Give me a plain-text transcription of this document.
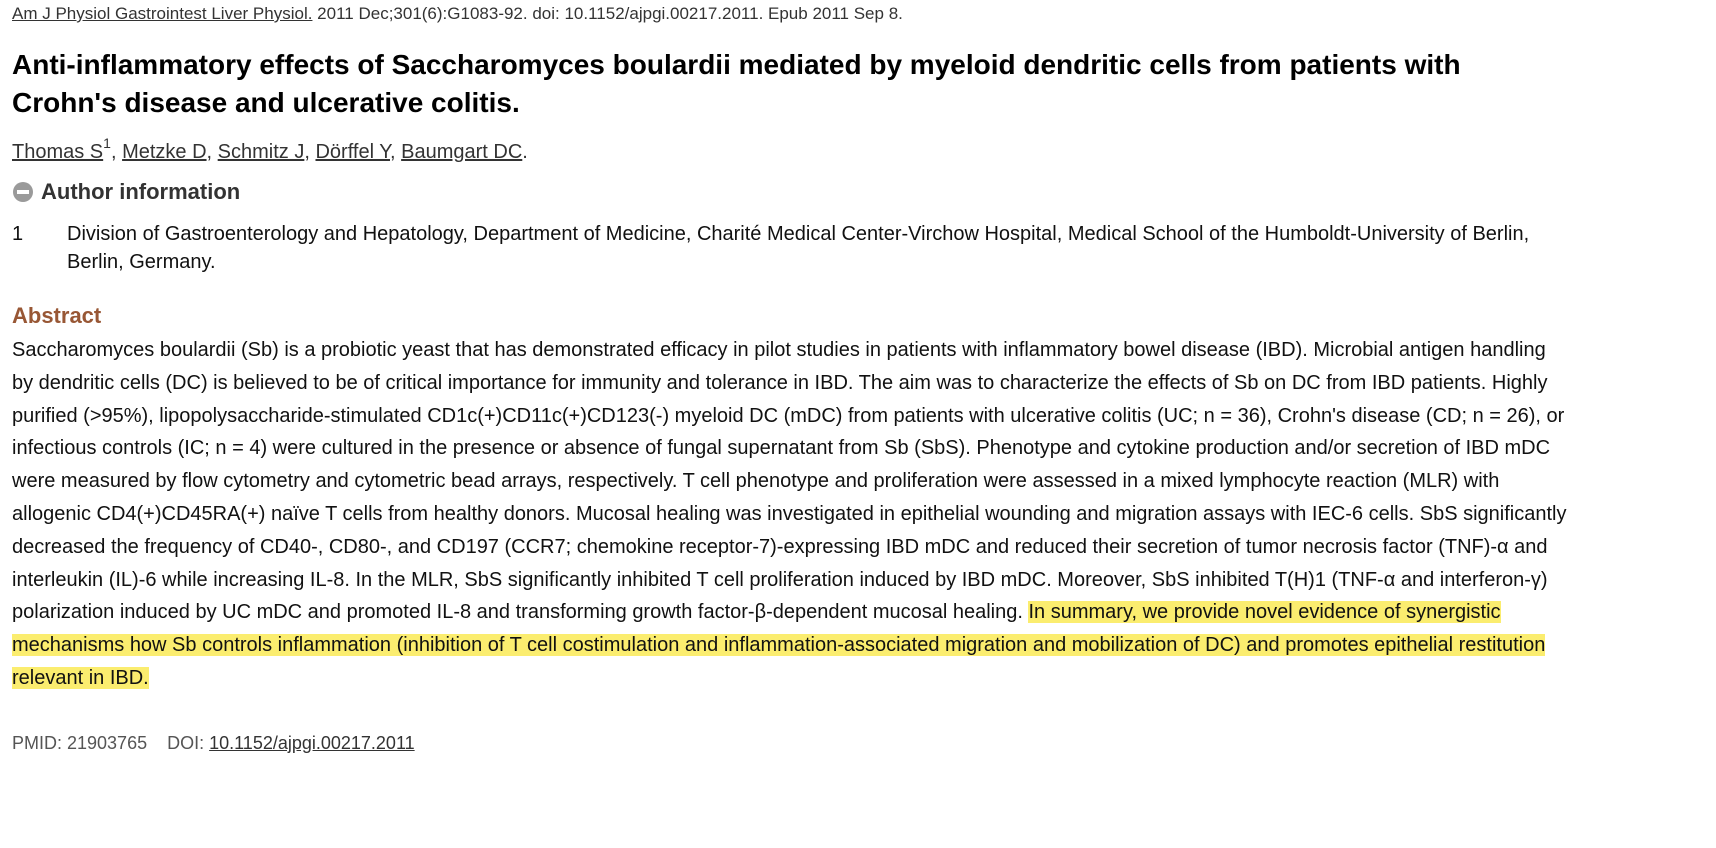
Am J Physiol Gastrointest Liver Physiol. 2011 Dec;301(6):G1083-92. doi: 10.1152/ajpgi.00217.2011. Epub 2011 Sep 8.
Anti-inflammatory effects of Saccharomyces boulardii mediated by myeloid dendritic cells from patients with Crohn's disease and ulcerative colitis.
Thomas $S^1$, Metzke D, Schmitz J, Dörffel Y, Baumgart DC.
Author information
1	Division of Gastroenterology and Hepatology, Department of Medicine, Charité Medical Center-Virchow Hospital, Medical School of the Humboldt-University of Berlin, Berlin, Germany.
Abstract
Saccharomyces boulardii (Sb) is a probiotic yeast that has demonstrated efficacy in pilot studies in patients with inflammatory bowel disease (IBD). Microbial antigen handling by dendritic cells (DC) is believed to be of critical importance for immunity and tolerance in IBD. The aim was to characterize the effects of Sb on DC from IBD patients. Highly purified (>95%), lipopolysaccharide-stimulated CD1c(+)CD11c(+)CD123(-) myeloid DC (mDC) from patients with ulcerative colitis (UC; n = 36), Crohn's disease (CD; n = 26), or infectious controls (IC; n = 4) were cultured in the presence or absence of fungal supernatant from Sb (SbS). Phenotype and cytokine production and/or secretion of IBD mDC were measured by flow cytometry and cytometric bead arrays, respectively. T cell phenotype and proliferation were assessed in a mixed lymphocyte reaction (MLR) with allogenic CD4(+)CD45RA(+) naïve T cells from healthy donors. Mucosal healing was investigated in epithelial wounding and migration assays with IEC-6 cells. SbS significantly decreased the frequency of CD40-, CD80-, and CD197 (CCR7; chemokine receptor-7)-expressing IBD mDC and reduced their secretion of tumor necrosis factor (TNF)-α and interleukin (IL)-6 while increasing IL-8. In the MLR, SbS significantly inhibited T cell proliferation induced by IBD mDC. Moreover, SbS inhibited T(H)1 (TNF-α and interferon-γ) polarization induced by UC mDC and promoted IL-8 and transforming growth factor-β-dependent mucosal healing. In summary, we provide novel evidence of synergistic mechanisms how Sb controls inflammation (inhibition of T cell costimulation and inflammation-associated migration and mobilization of DC) and promotes epithelial restitution relevant in IBD.
PMID: 21903765 DOI: 10.1152/ajpgi.00217.2011
